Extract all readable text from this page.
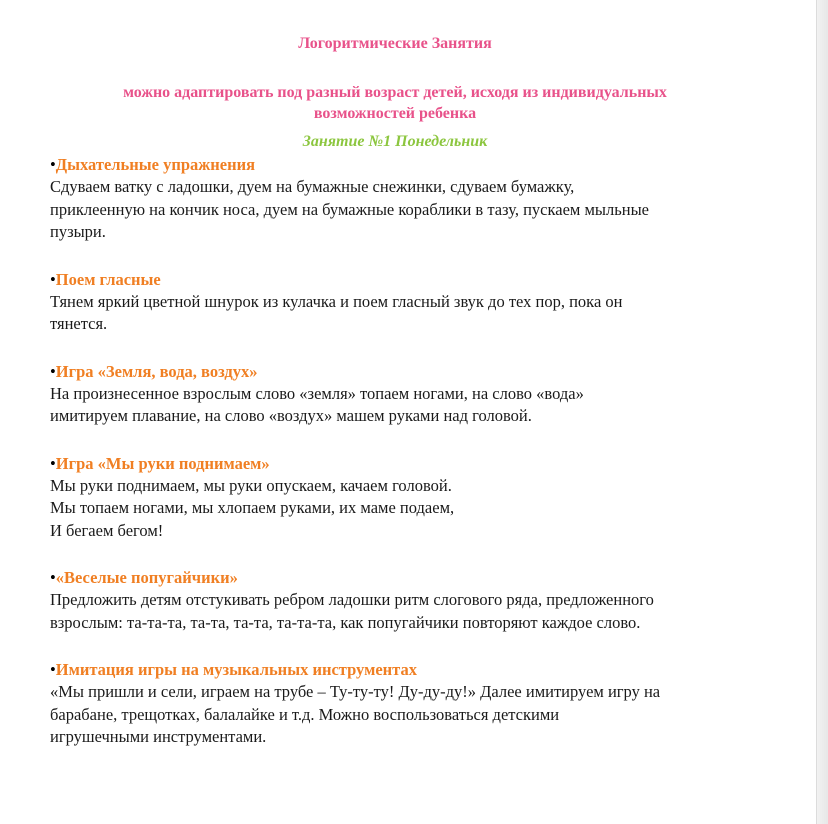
Логоритмические Занятия
можно адаптировать под разный возраст детей, исходя из индивидуальных
возможностей ребенка
Занятие №1 Понедельник
•Дыхательные упражнения

Сдуваем ватку с ладошки, дуем на бумажные снежинки, сдуваем бумажку,

приклеенную на кончик носа, дуем на бумажные кораблики в тазу, пускаем мыльные

пузыри.

•Поем гласные

Тянем яркий цветной шнурок из кулачка и поем гласный звук до тех пор, пока он

тянется.

•Игра «Земля, вода, воздух»

На произнесенное взрослым слово «земля» топаем ногами, на слово «вода»

имитируем плавание, на слово «воздух» машем руками над головой.

•Игра «Мы руки поднимаем»

Мы руки поднимаем, мы руки опускаем, качаем головой.

Мы топаем ногами, мы хлопаем руками, их маме подаем,

И бегаем бегом!

•«Веселые попугайчики»

Предложить детям отстукивать ребром ладошки ритм слогового ряда, предложенного

взрослым: та-та-та, та-та, та-та, та-та-та, как попугайчики повторяют каждое слово.

•Имитация игры на музыкальных инструментах

«Мы пришли и сели, играем на трубе – Ту-ту-ту! Ду-ду-ду!» Далее имитируем игру на

барабане, трещотках, балалайке и т.д. Можно воспользоваться детскими

игрушечными инструментами.
